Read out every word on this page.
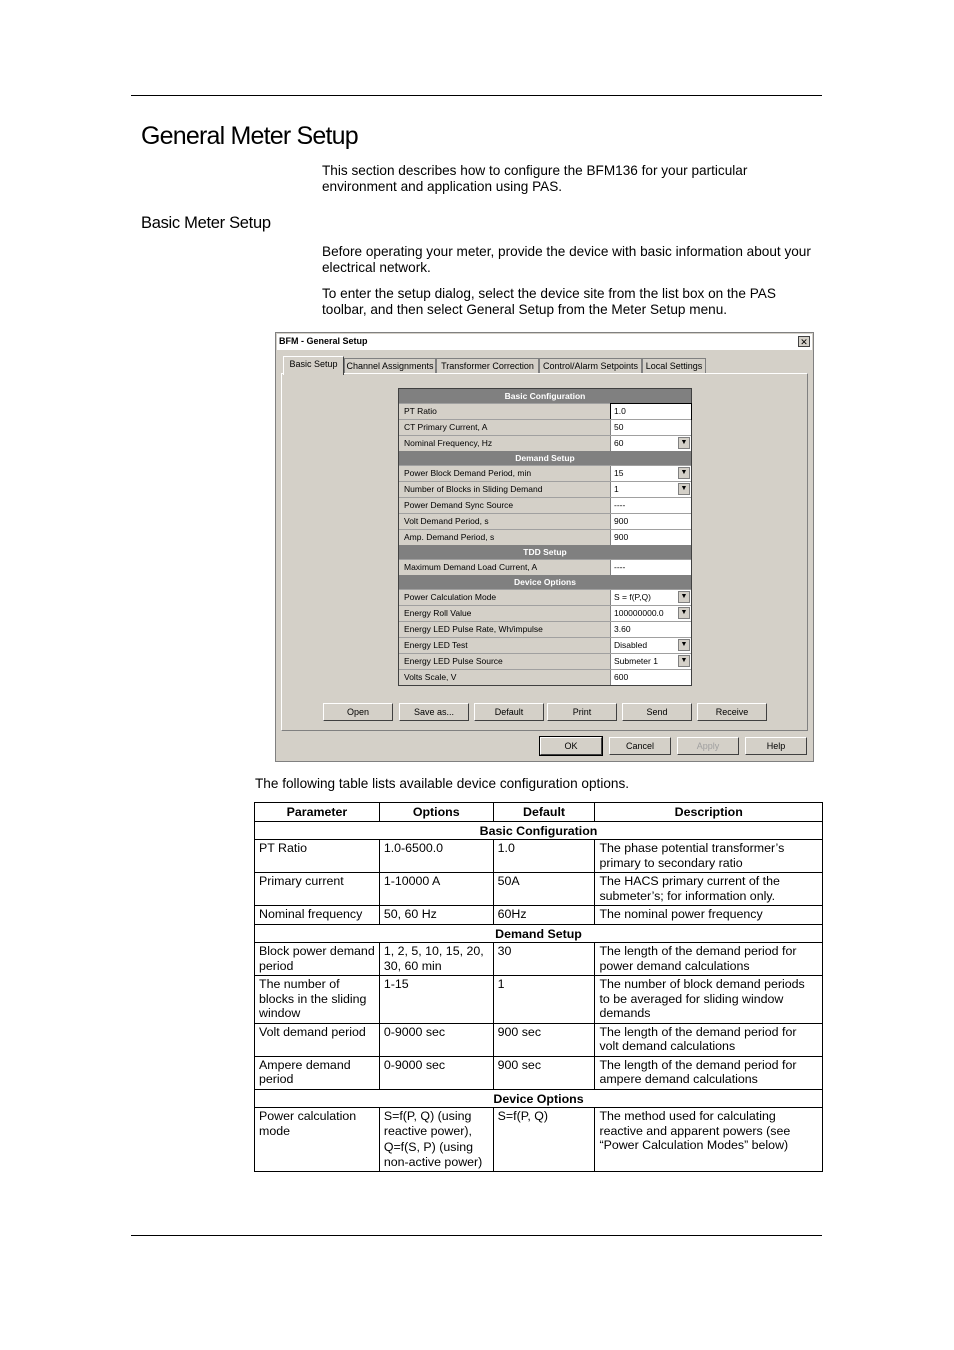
General Meter Setup

This section describes how to configure the BFM136 for your particular environment and application using PAS.

Basic Meter Setup

Before operating your meter, provide the device with basic information about your electrical network.

To enter the setup dialog, select the device site from the list box on the PAS toolbar, and then select General Setup from the Meter Setup menu.

BFM - General Setup	✕
Basic Setup Channel Assignments Transformer Correction	Control/Alarm Setpoints Local Settings
Basic Configuration
PT Ratio	1.0
CT Primary Current, A	50
Nominal Frequency, Hz	60	▼
Demand Setup
Power Block Demand Period, min	15	▼
Number of Blocks in Sliding Demand	1	▼
Power Demand Sync Source	----
Volt Demand Period, s	900
Amp. Demand Period, s	900
TDD Setup
Maximum Demand Load Current, A	----
Device Options
Power Calculation Mode	S = f(P,Q)	▼
Energy Roll Value	100000000.0	▼
Energy LED Pulse Rate, Wh/impulse	3.60
Energy LED Test	Disabled	▼
Energy LED Pulse Source	Submeter 1	▼
Volts Scale, V	600
Open	Save as...	Default	Print	Send	Receive
OK	Cancel	Apply	Help

The following table lists available device configuration options.

Parameter	Options	Default	Description
Basic Configuration			
PT Ratio	1.0-6500.0	1.0	The phase potential transformer’s primary to secondary ratio
Primary current	1-10000 A	50A	The HACS primary current of the submeter’s; for information only.
Nominal frequency	50, 60 Hz	60Hz	The nominal power frequency
Demand Setup			
Block power demand period	1, 2, 5, 10, 15, 20, 30, 60 min	30	The length of the demand period for power demand calculations
The number of blocks in the sliding window	1-15	1	The number of block demand periods to be averaged for sliding window demands
Volt demand period	0-9000 sec	900 sec	The length of the demand period for volt demand calculations
Ampere demand period	0-9000 sec	900 sec	The length of the demand period for ampere demand calculations
Device Options			
Power calculation mode	S=f(P, Q) (using reactive power),
Q=f(S, P) (using non-active power)	S=f(P, Q)	The method used for calculating reactive and apparent powers (see “Power Calculation Modes” below)
